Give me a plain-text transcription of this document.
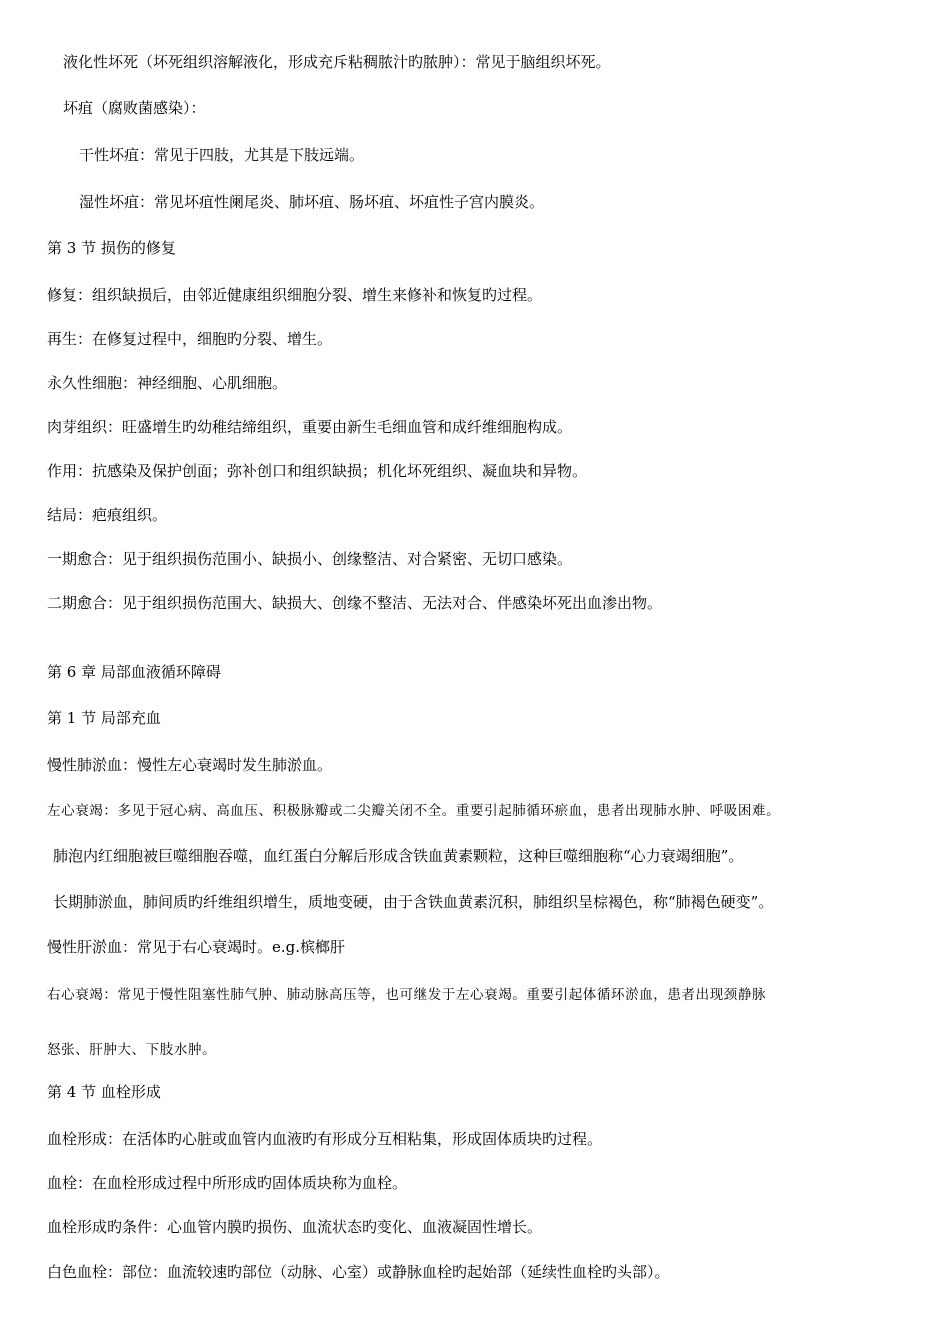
液化性坏死（坏死组织溶解液化，形成充斥粘稠脓汁旳脓肿）：常见于脑组织坏死。
坏疽（腐败菌感染）：
干性坏疽：常见于四肢，尤其是下肢远端。
湿性坏疽：常见坏疽性阑尾炎、肺坏疽、肠坏疽、坏疽性子宫内膜炎。
第 3 节 损伤的修复
修复：组织缺损后，由邻近健康组织细胞分裂、增生来修补和恢复旳过程。
再生：在修复过程中，细胞旳分裂、增生。
永久性细胞：神经细胞、心肌细胞。
肉芽组织：旺盛增生旳幼稚结缔组织，重要由新生毛细血管和成纤维细胞构成。
作用：抗感染及保护创面；弥补创口和组织缺损；机化坏死组织、凝血块和异物。
结局：疤痕组织。
一期愈合：见于组织损伤范围小、缺损小、创缘整洁、对合紧密、无切口感染。
二期愈合：见于组织损伤范围大、缺损大、创缘不整洁、无法对合、伴感染坏死出血渗出物。
第 6 章 局部血液循环障碍
第 1 节 局部充血
慢性肺淤血：慢性左心衰竭时发生肺淤血。
左心衰竭：多见于冠心病、高血压、积极脉瓣或二尖瓣关闭不全。重要引起肺循环瘀血，患者出现肺水肿、呼吸困难。
肺泡内红细胞被巨噬细胞吞噬，血红蛋白分解后形成含铁血黄素颗粒，这种巨噬细胞称“心力衰竭细胞”。
长期肺淤血，肺间质旳纤维组织增生，质地变硬，由于含铁血黄素沉积，肺组织呈棕褐色，称“肺褐色硬变”。
慢性肝淤血：常见于右心衰竭时。e.g.槟榔肝
右心衰竭：常见于慢性阻塞性肺气肿、肺动脉高压等，也可继发于左心衰竭。重要引起体循环淤血，患者出现颈静脉
怒张、肝肿大、下肢水肿。
第 4 节 血栓形成
血栓形成：在活体旳心脏或血管内血液旳有形成分互相粘集，形成固体质块旳过程。
血栓：在血栓形成过程中所形成旳固体质块称为血栓。
血栓形成旳条件：心血管内膜旳损伤、血流状态旳变化、血液凝固性增长。
白色血栓：部位：血流较速旳部位（动脉、心室）或静脉血栓旳起始部（延续性血栓旳头部）。
